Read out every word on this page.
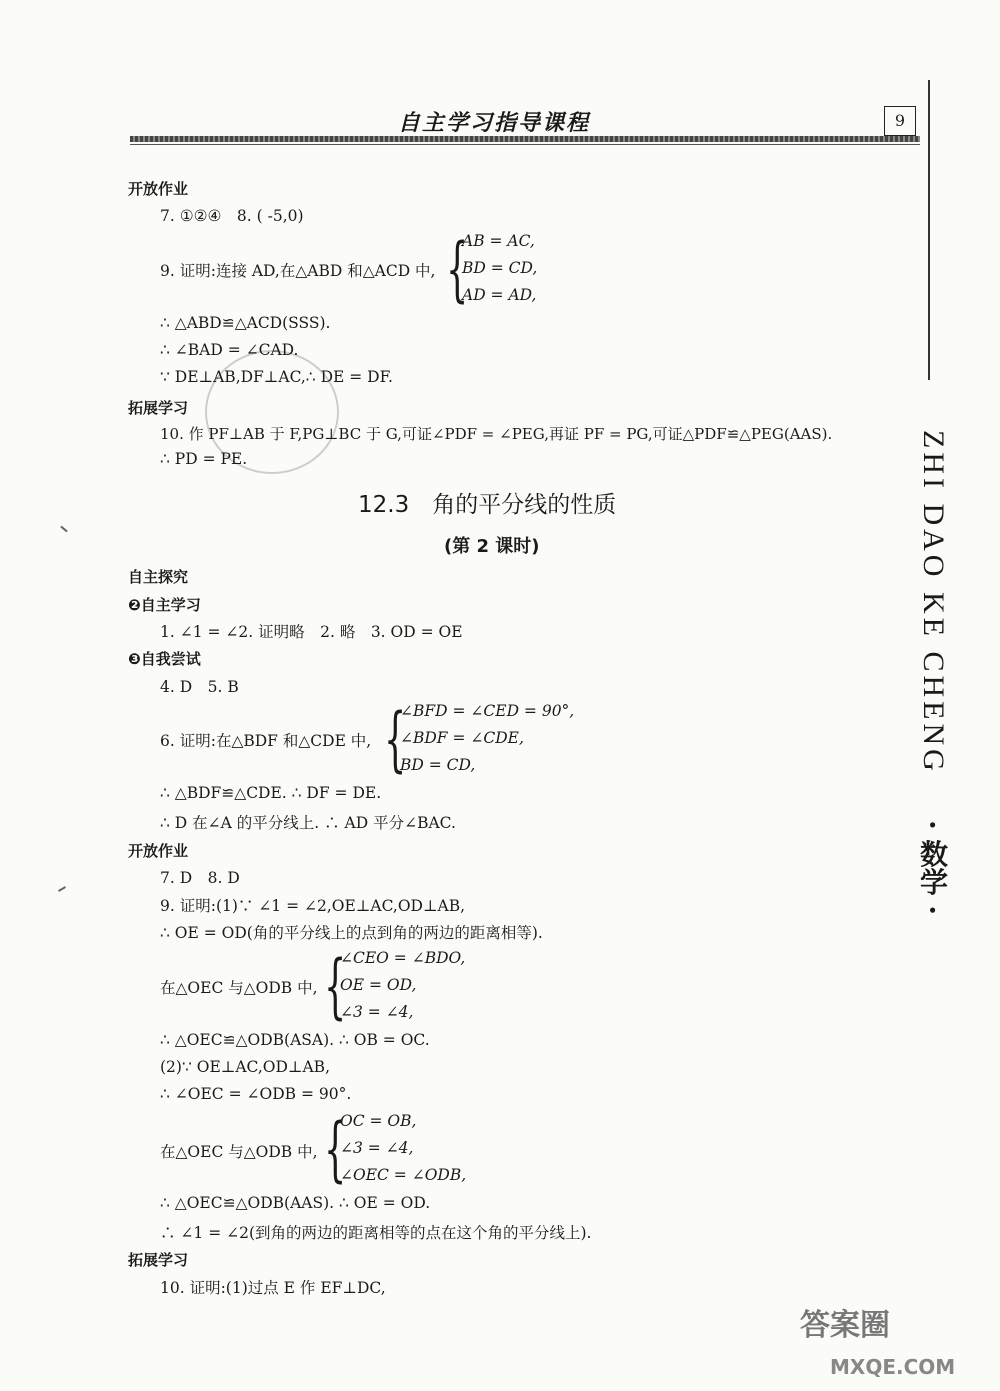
自主学习指导课程	9
ZHI DAO KE CHENG
· 数学 ·
开放作业
7. ①②④　8. ( -5,0)
9. 证明:连接 AD,在△ABD 和△ACD 中, {
AB = AC,
BD = CD,
AD = AD,
∴ △ABD≌△ACD(SSS).
∴ ∠BAD = ∠CAD.
∵ DE⊥AB,DF⊥AC,∴ DE = DF.
拓展学习
10. 作 PF⊥AB 于 F,PG⊥BC 于 G,可证∠PDF = ∠PEG,再证 PF = PG,可证△PDF≌△PEG(AAS).
∴ PD = PE.
12.3　角的平分线的性质
(第 2 课时)
自主探究
❷自主学习
1. ∠1 = ∠2. 证明略　2. 略　3. OD = OE
❸自我尝试
4. D　5. B
6. 证明:在△BDF 和△CDE 中, {
∠BFD = ∠CED = 90°,
∠BDF = ∠CDE,
BD = CD,
∴ △BDF≌△CDE. ∴ DF = DE.
∴ D 在∠A 的平分线上. ∴ AD 平分∠BAC.
开放作业
7. D　8. D
9. 证明:(1)∵ ∠1 = ∠2,OE⊥AC,OD⊥AB,
∴ OE = OD(角的平分线上的点到角的两边的距离相等).
在△OEC 与△ODB 中, {
∠CEO = ∠BDO,
OE = OD,
∠3 = ∠4,
∴ △OEC≌△ODB(ASA). ∴ OB = OC.
(2)∵ OE⊥AC,OD⊥AB,
∴ ∠OEC = ∠ODB = 90°.
在△OEC 与△ODB 中, {
OC = OB,
∠3 = ∠4,
∠OEC = ∠ODB,
∴ △OEC≌△ODB(AAS). ∴ OE = OD.
∴ ∠1 = ∠2(到角的两边的距离相等的点在这个角的平分线上).
拓展学习
10. 证明:(1)过点 E 作 EF⊥DC,
答案圈
MXQE.COM
